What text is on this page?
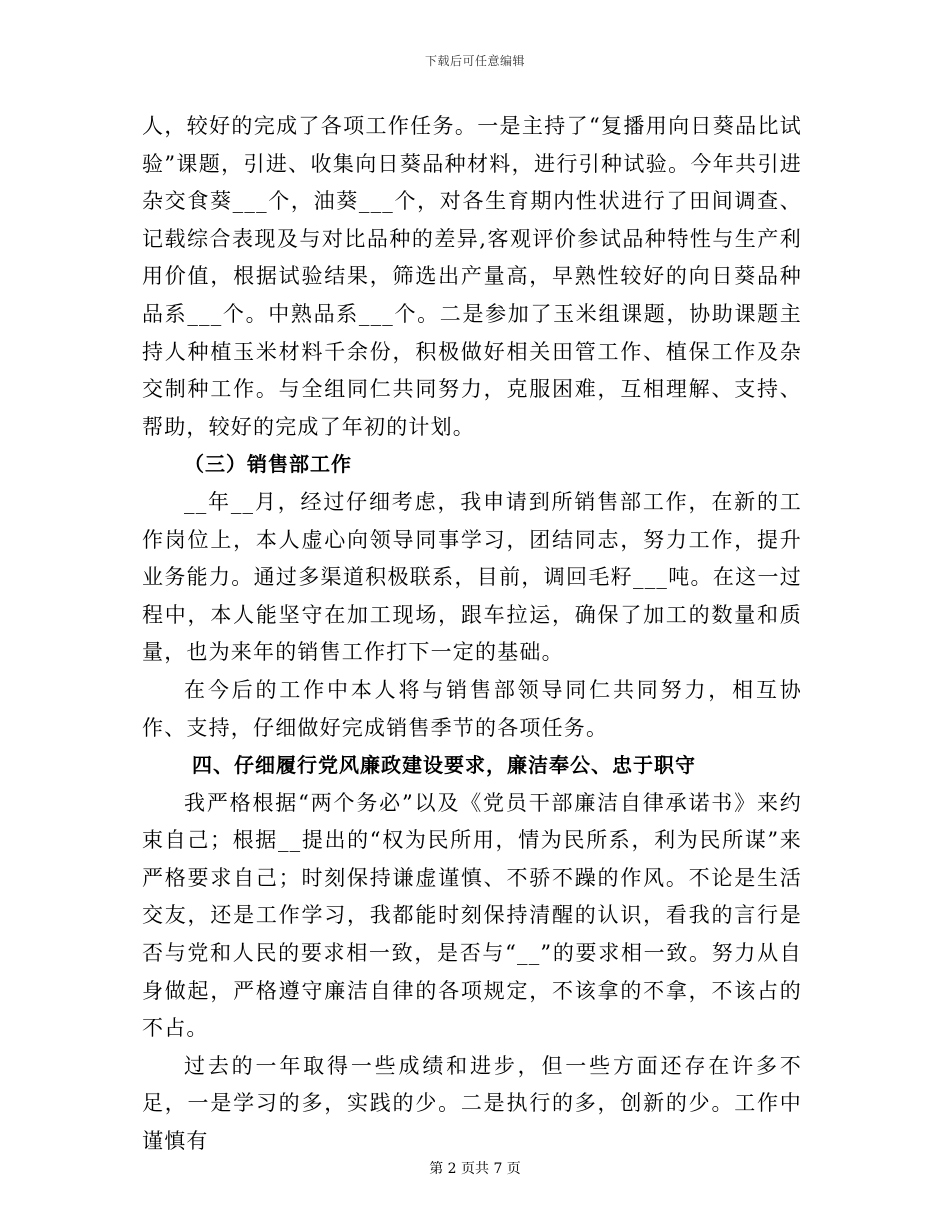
下载后可任意编辑

人，较好的完成了各项工作任务。一是主持了“复播用向日葵品比试验”课题，引进、收集向日葵品种材料，进行引种试验。今年共引进杂交食葵___个，油葵___个，对各生育期内性状进行了田间调查、记载综合表现及与对比品种的差异,客观评价参试品种特性与生产利用价值，根据试验结果，筛选出产量高，早熟性较好的向日葵品种品系___个。中熟品系___个。二是参加了玉米组课题，协助课题主持人种植玉米材料千余份，积极做好相关田管工作、植保工作及杂交制种工作。与全组同仁共同努力，克服困难，互相理解、支持、帮助，较好的完成了年初的计划。

（三）销售部工作

__年__月，经过仔细考虑，我申请到所销售部工作，在新的工作岗位上，本人虚心向领导同事学习，团结同志，努力工作，提升业务能力。通过多渠道积极联系，目前，调回毛籽___吨。在这一过程中，本人能坚守在加工现场，跟车拉运，确保了加工的数量和质量，也为来年的销售工作打下一定的基础。

在今后的工作中本人将与销售部领导同仁共同努力，相互协作、支持，仔细做好完成销售季节的各项任务。

四、仔细履行党风廉政建设要求，廉洁奉公、忠于职守

我严格根据“两个务必”以及《党员干部廉洁自律承诺书》来约束自己；根据__提出的“权为民所用，情为民所系，利为民所谋”来严格要求自己；时刻保持谦虚谨慎、不骄不躁的作风。不论是生活交友，还是工作学习，我都能时刻保持清醒的认识，看我的言行是否与党和人民的要求相一致，是否与“__”的要求相一致。努力从自身做起，严格遵守廉洁自律的各项规定，不该拿的不拿，不该占的不占。

过去的一年取得一些成绩和进步，但一些方面还存在许多不足，一是学习的多，实践的少。二是执行的多，创新的少。工作中谨慎有

第 2 页共 7 页
